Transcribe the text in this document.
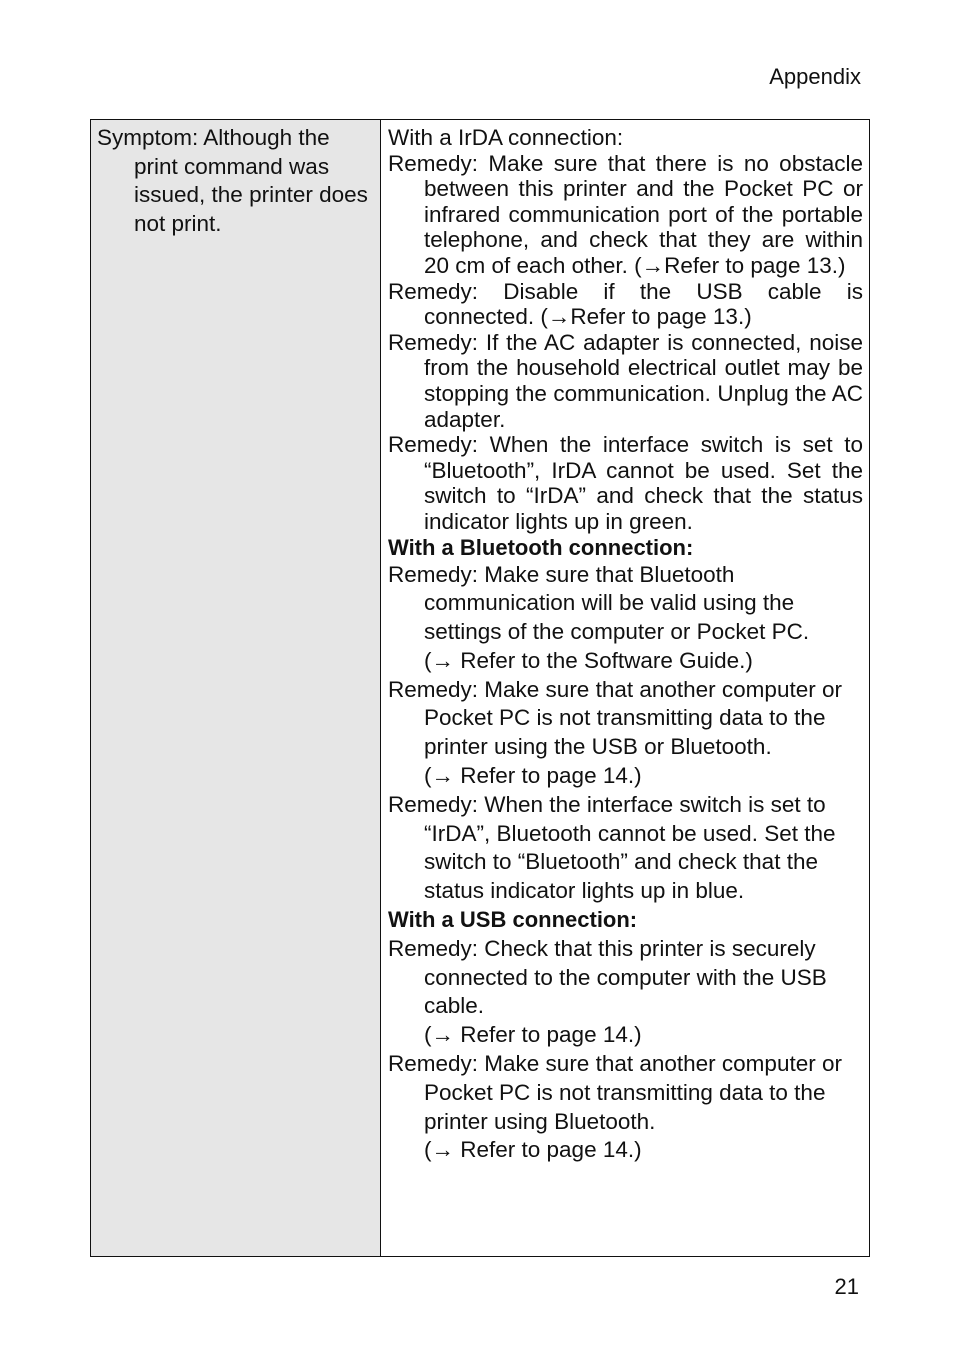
Appendix
Symptom: Although the print command was issued, the printer does not print.
With a IrDA connection:
Remedy: Make sure that there is no obstacle between this printer and the Pocket PC or infrared communication port of the portable telephone, and check that they are within 20 cm of each other. (→Refer to page 13.)
Remedy: Disable if the USB cable is connected. (→Refer to page 13.)
Remedy: If the AC adapter is connected, noise from the household electrical outlet may be stopping the communication. Unplug the AC adapter.
Remedy: When the interface switch is set to “Bluetooth”, IrDA cannot be used. Set the switch to “IrDA” and check that the status indicator lights up in green.
With a Bluetooth connection:
Remedy: Make sure that Bluetooth communication will be valid using the settings of the computer or Pocket PC.
(→ Refer to the Software Guide.)
Remedy: Make sure that another computer or Pocket PC is not transmitting data to the printer using the USB or Bluetooth.
(→ Refer to page 14.)
Remedy: When the interface switch is set to “IrDA”, Bluetooth cannot be used. Set the switch to “Bluetooth” and check that the status indicator lights up in blue.
With a USB connection:
Remedy: Check that this printer is securely connected to the computer with the USB cable.
(→ Refer to page 14.)
Remedy: Make sure that another computer or Pocket PC is not transmitting data to the printer using Bluetooth.
(→ Refer to page 14.)
21
